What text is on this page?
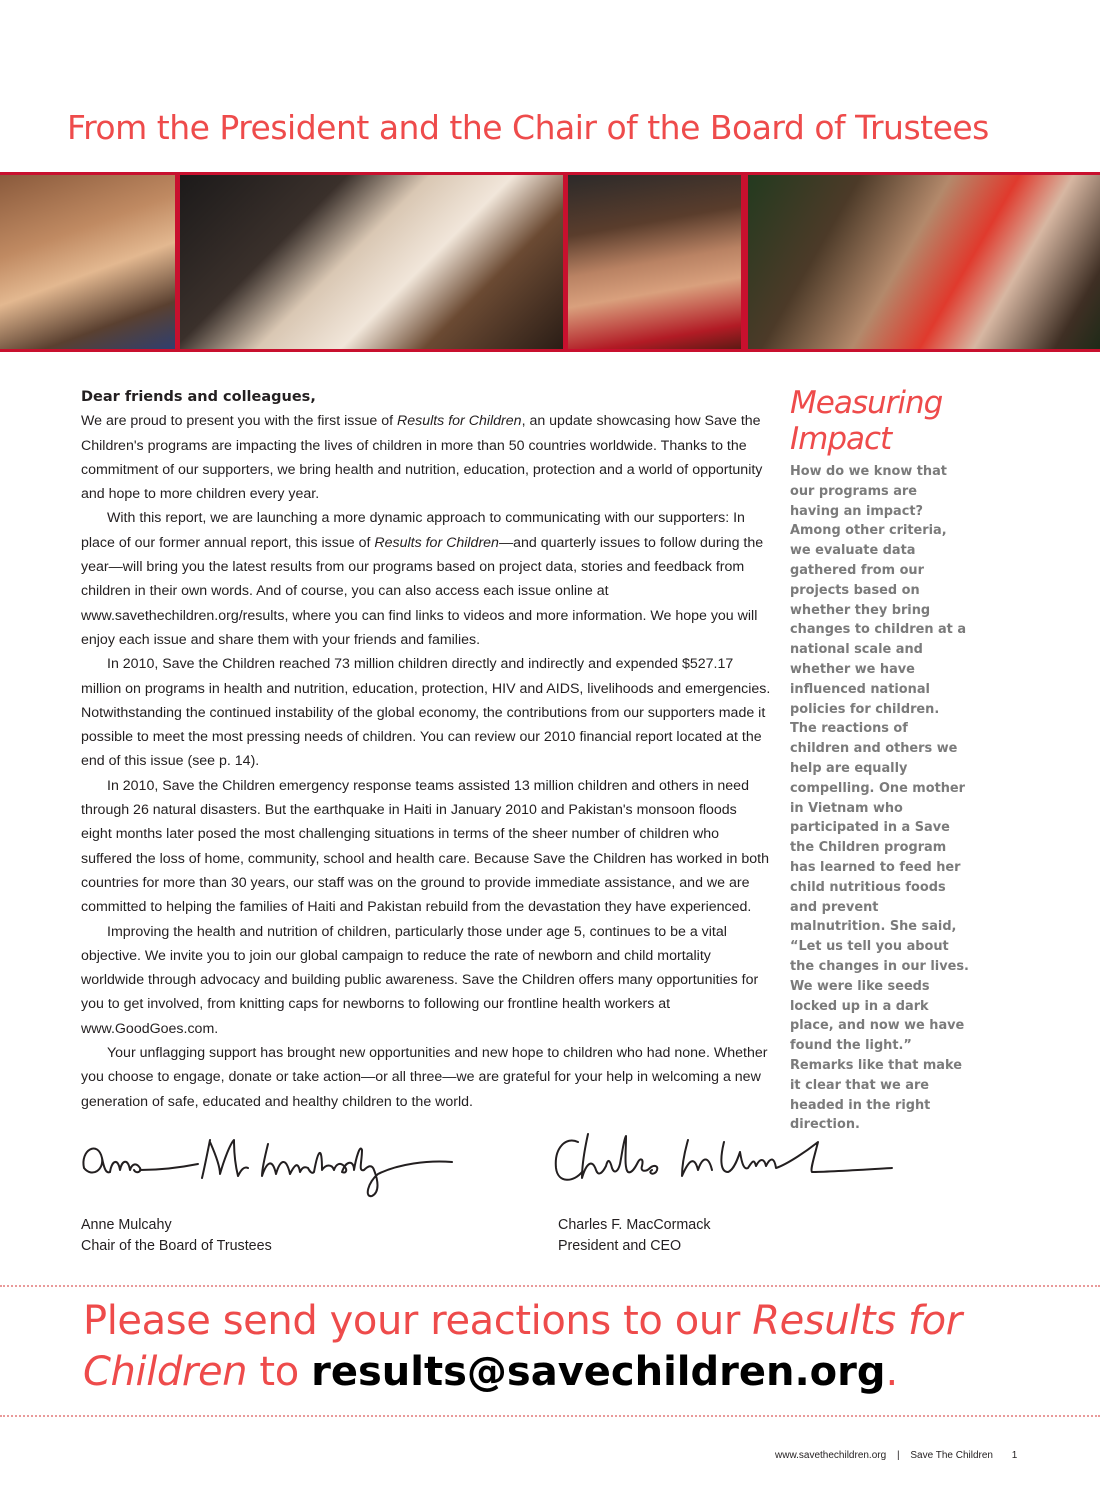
From the President and the Chair of the Board of Trustees

Dear friends and colleagues,

We are proud to present you with the first issue of Results for Children, an update showcasing how Save the Children's programs are impacting the lives of children in more than 50 countries worldwide. Thanks to the commitment of our supporters, we bring health and nutrition, education, protection and a world of opportunity and hope to more children every year.

With this report, we are launching a more dynamic approach to communicating with our supporters: In place of our former annual report, this issue of Results for Children—and quarterly issues to follow during the year—will bring you the latest results from our programs based on project data, stories and feedback from children in their own words. And of course, you can also access each issue online at www.savethechildren.org/results, where you can find links to videos and more information. We hope you will enjoy each issue and share them with your friends and families.

In 2010, Save the Children reached 73 million children directly and indirectly and expended $527.17 million on programs in health and nutrition, education, protection, HIV and AIDS, livelihoods and emergencies. Notwithstanding the continued instability of the global economy, the contributions from our supporters made it possible to meet the most pressing needs of children. You can review our 2010 financial report located at the end of this issue (see p. 14).

In 2010, Save the Children emergency response teams assisted 13 million children and others in need through 26 natural disasters. But the earthquake in Haiti in January 2010 and Pakistan's monsoon floods eight months later posed the most challenging situations in terms of the sheer number of children who suffered the loss of home, community, school and health care. Because Save the Children has worked in both countries for more than 30 years, our staff was on the ground to provide immediate assistance, and we are committed to helping the families of Haiti and Pakistan rebuild from the devastation they have experienced.

Improving the health and nutrition of children, particularly those under age 5, continues to be a vital objective. We invite you to join our global campaign to reduce the rate of newborn and child mortality worldwide through advocacy and building public awareness. Save the Children offers many opportunities for you to get involved, from knitting caps for newborns to following our frontline health workers at www.GoodGoes.com.

Your unflagging support has brought new opportunities and new hope to children who had none. Whether you choose to engage, donate or take action—or all three—we are grateful for your help in welcoming a new generation of safe, educated and healthy children to the world.

Measuring
Impact

How do we know that our programs are having an impact? Among other criteria, we evaluate data gathered from our projects based on whether they bring changes to children at a national scale and whether we have influenced national policies for children. The reactions of children and others we help are equally compelling. One mother in Vietnam who participated in a Save the Children program has learned to feed her child nutritious foods and prevent malnutrition. She said, “Let us tell you about the changes in our lives. We were like seeds locked up in a dark place, and now we have found the light.” Remarks like that make it clear that we are headed in the right direction.

Anne Mulcahy
Chair of the Board of Trustees
Charles F. MacCormack
President and CEO

Please send your reactions to our Results for Children to results@savechildren.org.

www.savethechildren.org | Save The Children 1
